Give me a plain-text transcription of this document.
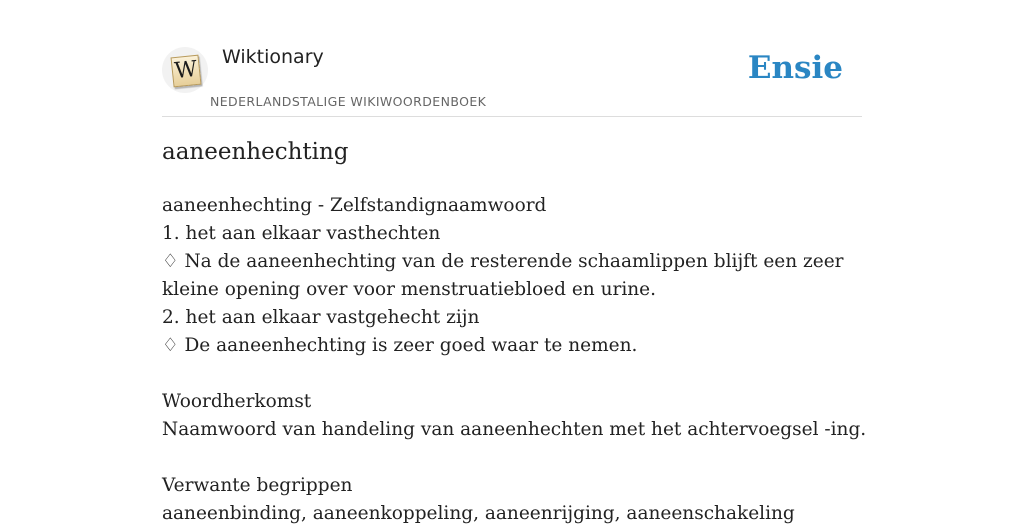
W Wiktionary
NEDERLANDSTALIGE WIKIWOORDENBOEK
Ensie
aaneenhechting
aaneenhechting - Zelfstandignaamwoord
1. het aan elkaar vasthechten
♢ Na de aaneenhechting van de resterende schaamlippen blijft een zeer kleine opening over voor menstruatiebloed en urine.
2. het aan elkaar vastgehecht zijn
♢ De aaneenhechting is zeer goed waar te nemen.
Woordherkomst
Naamwoord van handeling van aaneenhechten met het achtervoegsel -ing.
Verwante begrippen
aaneenbinding, aaneenkoppeling, aaneenrijging, aaneenschakeling
